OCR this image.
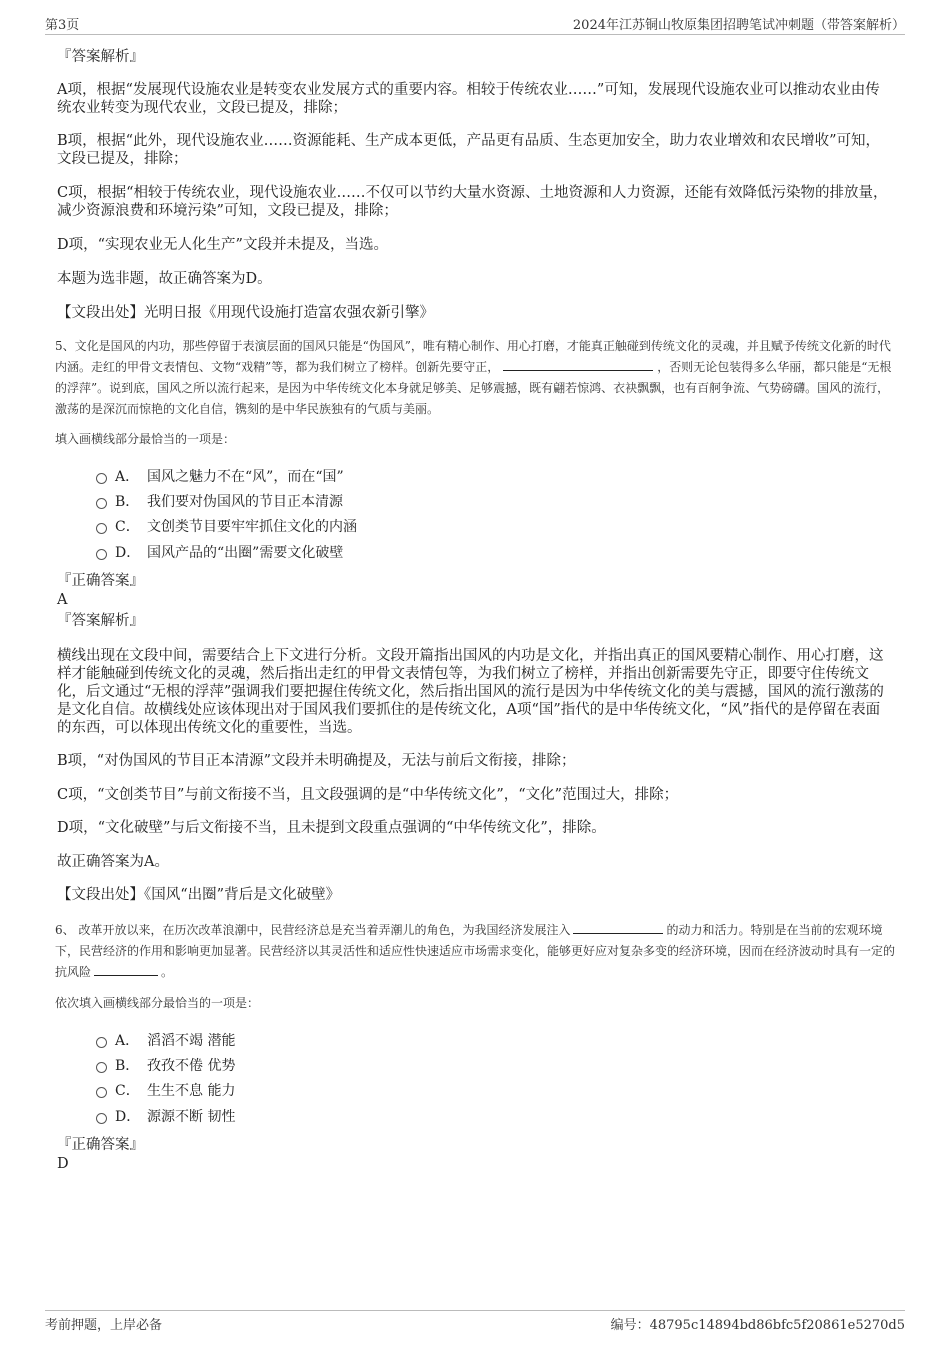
第3页	2024年江苏铜山牧原集团招聘笔试冲刺题（带答案解析）
『答案解析』
A项，根据“发展现代设施农业是转变农业发展方式的重要内容。相较于传统农业……”可知，发展现代设施农业可以推动农业由传统农业转变为现代农业，文段已提及，排除；
B项，根据“此外，现代设施农业……资源能耗、生产成本更低，产品更有品质、生态更加安全，助力农业增效和农民增收”可知，文段已提及，排除；
C项，根据“相较于传统农业，现代设施农业……不仅可以节约大量水资源、土地资源和人力资源，还能有效降低污染物的排放量，减少资源浪费和环境污染”可知，文段已提及，排除；
D项，“实现农业无人化生产”文段并未提及，当选。
本题为选非题，故正确答案为D。
【文段出处】光明日报《用现代设施打造富农强农新引擎》
5、文化是国风的内功，那些停留于表演层面的国风只能是“伪国风”，唯有精心制作、用心打磨，才能真正触碰到传统文化的灵魂，并且赋予传统文化新的时代内涵。走红的甲骨文表情包、文物“戏精”等，都为我们树立了榜样。创新先要守正，	，否则无论包装得多么华丽，都只能是“无根的浮萍”。说到底，国风之所以流行起来，是因为中华传统文化本身就足够美、足够震撼，既有翩若惊鸿、衣袂飘飘，也有百舸争流、气势磅礴。国风的流行，激荡的是深沉而惊艳的文化自信，镌刻的是中华民族独有的气质与美丽。
填入画横线部分最恰当的一项是：
A． 国风之魅力不在“风”，而在“国”
B． 我们要对伪国风的节目正本清源
C． 文创类节目要牢牢抓住文化的内涵
D． 国风产品的“出圈”需要文化破壁
『正确答案』
A
『答案解析』
横线出现在文段中间，需要结合上下文进行分析。文段开篇指出国风的内功是文化，并指出真正的国风要精心制作、用心打磨，这样才能触碰到传统文化的灵魂，然后指出走红的甲骨文表情包等，为我们树立了榜样，并指出创新需要先守正，即要守住传统文化，后文通过“无根的浮萍”强调我们要把握住传统文化，然后指出国风的流行是因为中华传统文化的美与震撼，国风的流行激荡的是文化自信。故横线处应该体现出对于国风我们要抓住的是传统文化，A项“国”指代的是中华传统文化，“风”指代的是停留在表面的东西，可以体现出传统文化的重要性，当选。
B项，“对伪国风的节目正本清源”文段并未明确提及，无法与前后文衔接，排除；
C项，“文创类节目”与前文衔接不当，且文段强调的是“中华传统文化”，“文化”范围过大，排除；
D项，“文化破壁”与后文衔接不当，且未提到文段重点强调的“中华传统文化”，排除。
故正确答案为A。
【文段出处】《国风“出圈”背后是文化破壁》
6、 改革开放以来，在历次改革浪潮中，民营经济总是充当着弄潮儿的角色，为我国经济发展注入	的动力和活力。特别是在当前的宏观环境下，民营经济的作用和影响更加显著。民营经济以其灵活性和适应性快速适应市场需求变化，能够更好应对复杂多变的经济环境，因而在经济波动时具有一定的抗风险	。
依次填入画横线部分最恰当的一项是：
A． 滔滔不竭 潜能
B． 孜孜不倦 优势
C． 生生不息 能力
D． 源源不断 韧性
『正确答案』
D
考前押题，上岸必备	编号：48795c14894bd86bfc5f20861e5270d5
